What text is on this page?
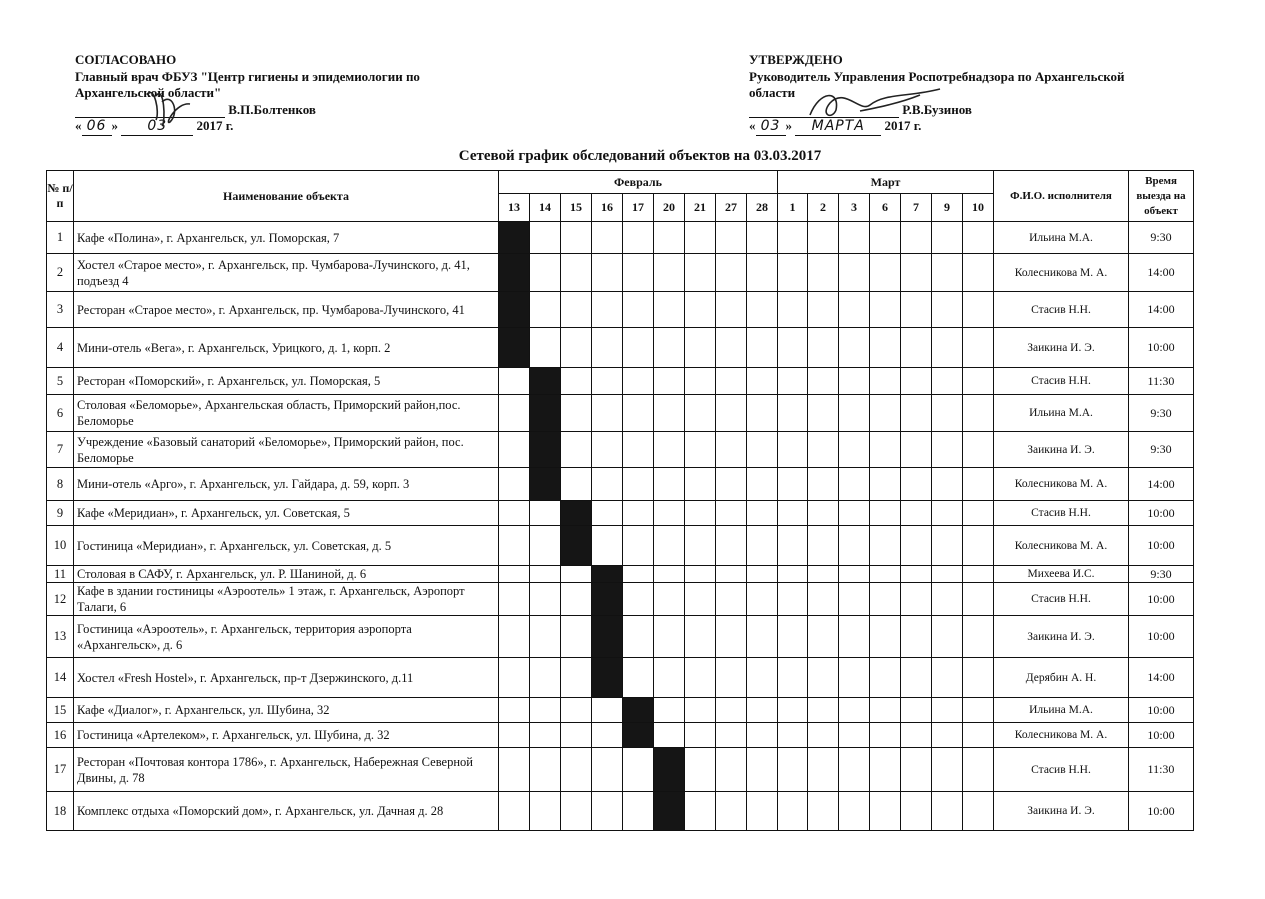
СОГЛАСОВАНО
Главный врач ФБУЗ "Центр гигиены и эпидемиологии по
Архангельской области"
В.П.Болтенков
« 06 » 03 2017 г.
УТВЕРЖДЕНО
Руководитель Управления Роспотребнадзора по Архангельской
области
Р.В.Бузинов
« 03 » МАРТА 2017 г.
Сетевой график обследований объектов на 03.03.2017
№ п/п	Наименование объекта	Февраль									Март							Ф.И.О. исполнителя	Время выезда на объект
		13	14	15	16	17	20	21	27	28	1	2	3	6	7	9	10		
1	Кафе «Полина», г. Архангельск, ул. Поморская, 7																	Ильина М.А.	9:30
2	Хостел «Старое место», г. Архангельск, пр. Чумбарова-Лучинского, д. 41, подъезд 4																	Колесникова М. А.	14:00
3	Ресторан «Старое место», г. Архангельск, пр. Чумбарова-Лучинского, 41																	Стасив Н.Н.	14:00
4	Мини-отель «Вега», г. Архангельск, Урицкого, д. 1, корп. 2																	Заикина И. Э.	10:00
5	Ресторан «Поморский», г. Архангельск, ул. Поморская, 5																	Стасив Н.Н.	11:30
6	Столовая «Беломорье», Архангельская область, Приморский район,пос. Беломорье																	Ильина М.А.	9:30
7	Учреждение «Базовый санаторий «Беломорье», Приморский район, пос. Беломорье																	Заикина И. Э.	9:30
8	Мини-отель «Арго», г. Архангельск, ул. Гайдара, д. 59, корп. 3																	Колесникова М. А.	14:00
9	Кафе «Меридиан», г. Архангельск, ул. Советская, 5																	Стасив Н.Н.	10:00
10	Гостиница «Меридиан», г. Архангельск, ул. Советская, д. 5																	Колесникова М. А.	10:00
11	Столовая в САФУ, г. Архангельск, ул. Р. Шаниной, д. 6																	Михеева И.С.	9:30
12	Кафе в здании гостиницы «Аэроотель» 1 этаж, г. Архангельск, Аэропорт Талаги, 6																	Стасив Н.Н.	10:00
13	Гостиница «Аэроотель», г. Архангельск, территория аэропорта «Архангельск», д. 6																	Заикина И. Э.	10:00
14	Хостел «Fresh Hostel», г. Архангельск, пр-т Дзержинского, д.11																	Дерябин А. Н.	14:00
15	Кафе «Диалог», г. Архангельск, ул. Шубина, 32																	Ильина М.А.	10:00
16	Гостиница «Артелеком», г. Архангельск, ул. Шубина, д. 32																	Колесникова М. А.	10:00
17	Ресторан «Почтовая контора 1786», г. Архангельск, Набережная Северной Двины, д. 78																	Стасив Н.Н.	11:30
18	Комплекс отдыха «Поморский дом», г. Архангельск, ул. Дачная д. 28																	Заикина И. Э.	10:00
